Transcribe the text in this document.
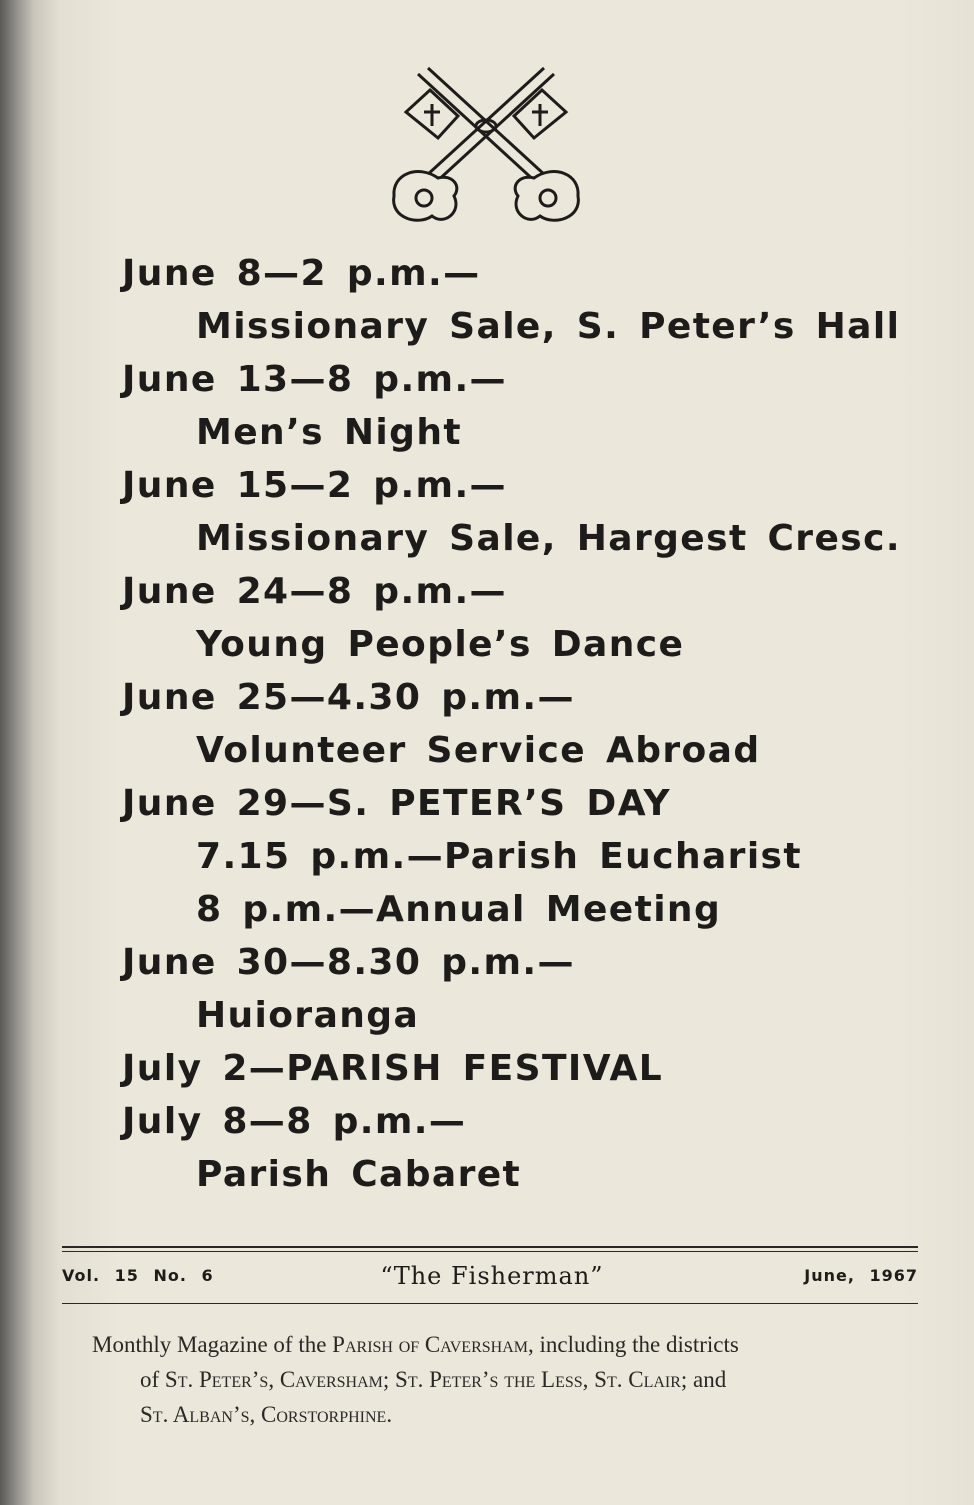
June 8—2 p.m.—
Missionary Sale, S. Peter’s Hall
June 13—8 p.m.—
Men’s Night
June 15—2 p.m.—
Missionary Sale, Hargest Cresc.
June 24—8 p.m.—
Young People’s Dance
June 25—4.30 p.m.—
Volunteer Service Abroad
June 29—S. PETER’S DAY
7.15 p.m.—Parish Eucharist
8 p.m.—Annual Meeting
June 30—8.30 p.m.—
Huioranga
July 2—PARISH FESTIVAL
July 8—8 p.m.—
Parish Cabaret
Vol. 15 No. 6	“The Fisherman”	June, 1967
Monthly Magazine of the Parish of Caversham, including the districts
of St. Peter’s, Caversham; St. Peter’s the Less, St. Clair; and
St. Alban’s, Corstorphine.
